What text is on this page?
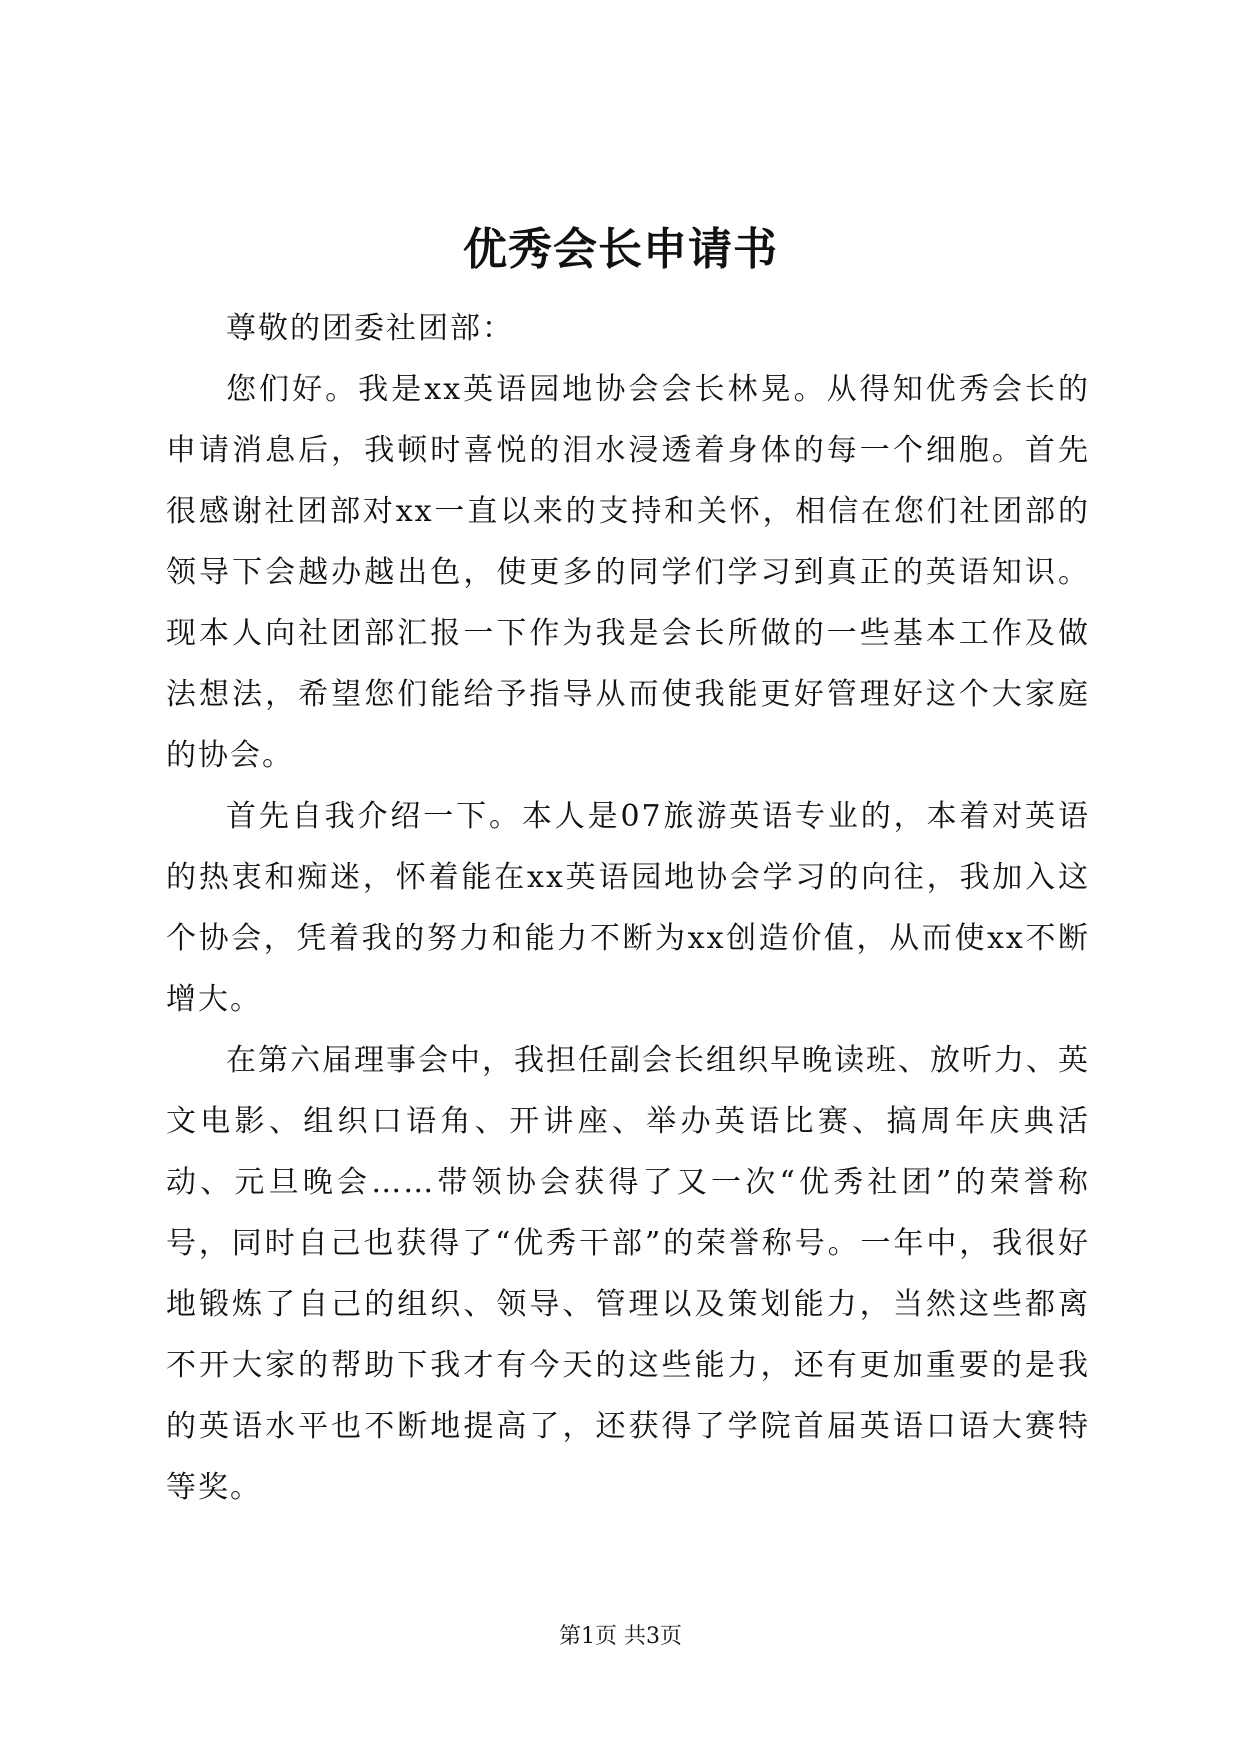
优秀会长申请书

尊敬的团委社团部：

您们好。我是xx英语园地协会会长林晃。从得知优秀会长的申请消息后，我顿时喜悦的泪水浸透着身体的每一个细胞。首先很感谢社团部对xx一直以来的支持和关怀，相信在您们社团部的领导下会越办越出色，使更多的同学们学习到真正的英语知识。现本人向社团部汇报一下作为我是会长所做的一些基本工作及做法想法，希望您们能给予指导从而使我能更好管理好这个大家庭的协会。

首先自我介绍一下。本人是07旅游英语专业的，本着对英语的热衷和痴迷，怀着能在xx英语园地协会学习的向往，我加入这个协会，凭着我的努力和能力不断为xx创造价值，从而使xx不断增大。

在第六届理事会中，我担任副会长组织早晚读班、放听力、英文电影、组织口语角、开讲座、举办英语比赛、搞周年庆典活动、元旦晚会……带领协会获得了又一次“优秀社团”的荣誉称号，同时自己也获得了“优秀干部”的荣誉称号。一年中，我很好地锻炼了自己的组织、领导、管理以及策划能力，当然这些都离不开大家的帮助下我才有今天的这些能力，还有更加重要的是我的英语水平也不断地提高了，还获得了学院首届英语口语大赛特等奖。

第1页 共3页
